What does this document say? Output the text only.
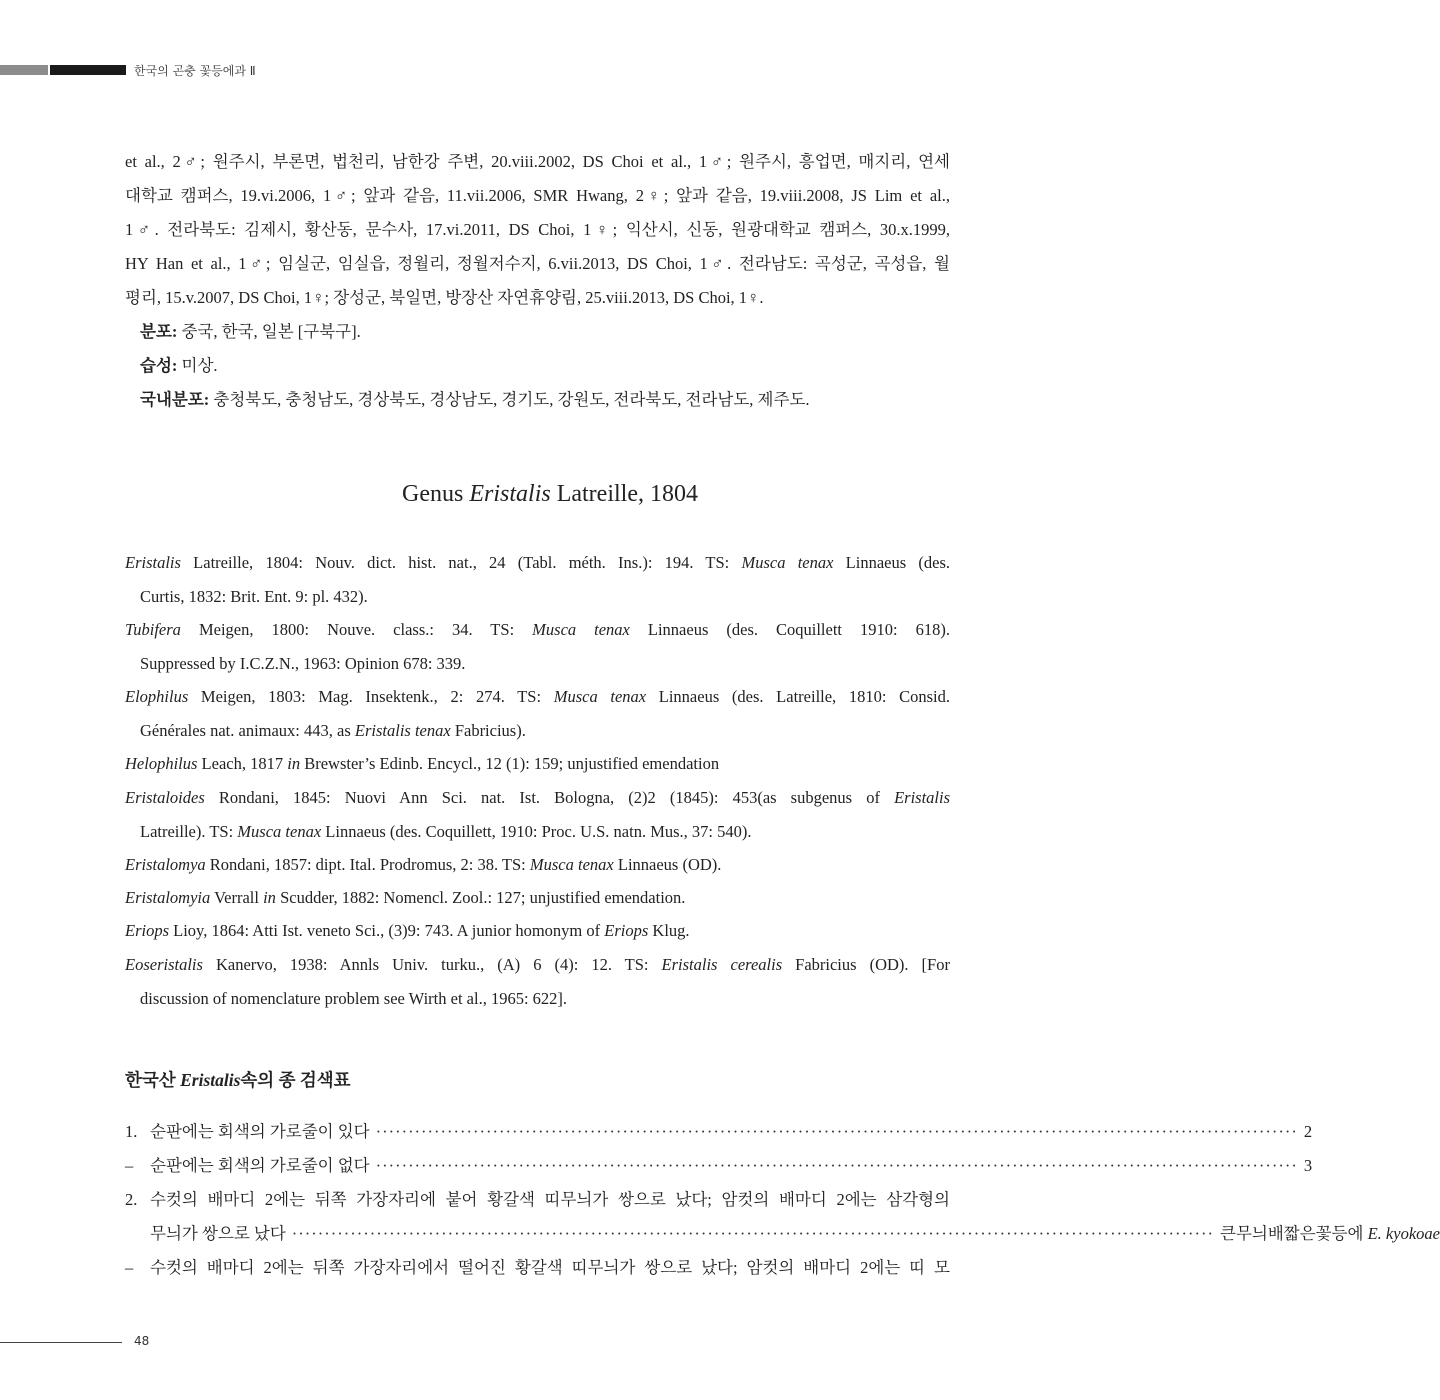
한국의 곤충 꽃등에과 Ⅱ

et al., 2♂; 원주시, 부론면, 법천리, 남한강 주변, 20.viii.2002, DS Choi et al., 1♂; 원주시, 흥업면, 매지리, 연세

대학교 캠퍼스, 19.vi.2006, 1♂; 앞과 같음, 11.vii.2006, SMR Hwang, 2♀; 앞과 같음, 19.viii.2008, JS Lim et al.,

1♂. 전라북도: 김제시, 황산동, 문수사, 17.vi.2011, DS Choi, 1♀; 익산시, 신동, 원광대학교 캠퍼스, 30.x.1999,

HY Han et al., 1♂; 임실군, 임실읍, 정월리, 정월저수지, 6.vii.2013, DS Choi, 1♂. 전라남도: 곡성군, 곡성읍, 월

평리, 15.v.2007, DS Choi, 1♀; 장성군, 북일면, 방장산 자연휴양림, 25.viii.2013, DS Choi, 1♀.

분포: 중국, 한국, 일본 [구북구].

습성: 미상.

국내분포: 충청북도, 충청남도, 경상북도, 경상남도, 경기도, 강원도, 전라북도, 전라남도, 제주도.

Genus Eristalis Latreille, 1804
Eristalis Latreille, 1804: Nouv. dict. hist. nat., 24 (Tabl. méth. Ins.): 194. TS: Musca tenax Linnaeus (des.
Curtis, 1832: Brit. Ent. 9: pl. 432).
Tubifera Meigen, 1800: Nouve. class.: 34. TS: Musca tenax Linnaeus (des. Coquillett 1910: 618).
Suppressed by I.C.Z.N., 1963: Opinion 678: 339.
Elophilus Meigen, 1803: Mag. Insektenk., 2: 274. TS: Musca tenax Linnaeus (des. Latreille, 1810: Consid.
Générales nat. animaux: 443, as Eristalis tenax Fabricius).
Helophilus Leach, 1817 in Brewster’s Edinb. Encycl., 12 (1): 159; unjustified emendation
Eristaloides Rondani, 1845: Nuovi Ann Sci. nat. Ist. Bologna, (2)2 (1845): 453(as subgenus of Eristalis
Latreille). TS: Musca tenax Linnaeus (des. Coquillett, 1910: Proc. U.S. natn. Mus., 37: 540).
Eristalomya Rondani, 1857: dipt. Ital. Prodromus, 2: 38. TS: Musca tenax Linnaeus (OD).
Eristalomyia Verrall in Scudder, 1882: Nomencl. Zool.: 127; unjustified emendation.
Eriops Lioy, 1864: Atti Ist. veneto Sci., (3)9: 743. A junior homonym of Eriops Klug.
Eoseristalis Kanervo, 1938: Annls Univ. turku., (A) 6 (4): 12. TS: Eristalis cerealis Fabricius (OD). [For
discussion of nomenclature problem see Wirth et al., 1965: 622].
한국산 Eristalis속의 종 검색표
1. 순판에는 회색의 가로줄이 있다 ·············································································································································· 2
–	순판에는 회색의 가로줄이 없다 ·············································································································································· 3
2. 수컷의 배마디 2에는 뒤쪽 가장자리에 붙어 황갈색 띠무늬가 쌍으로 났다; 암컷의 배마디 2에는 삼각형의
무늬가 쌍으로 났다 ·············································································································································· 큰무늬배짧은꽃등에 E. kyokoae
–	수컷의 배마디 2에는 뒤쪽 가장자리에서 떨어진 황갈색 띠무늬가 쌍으로 났다; 암컷의 배마디 2에는 띠 모
48
